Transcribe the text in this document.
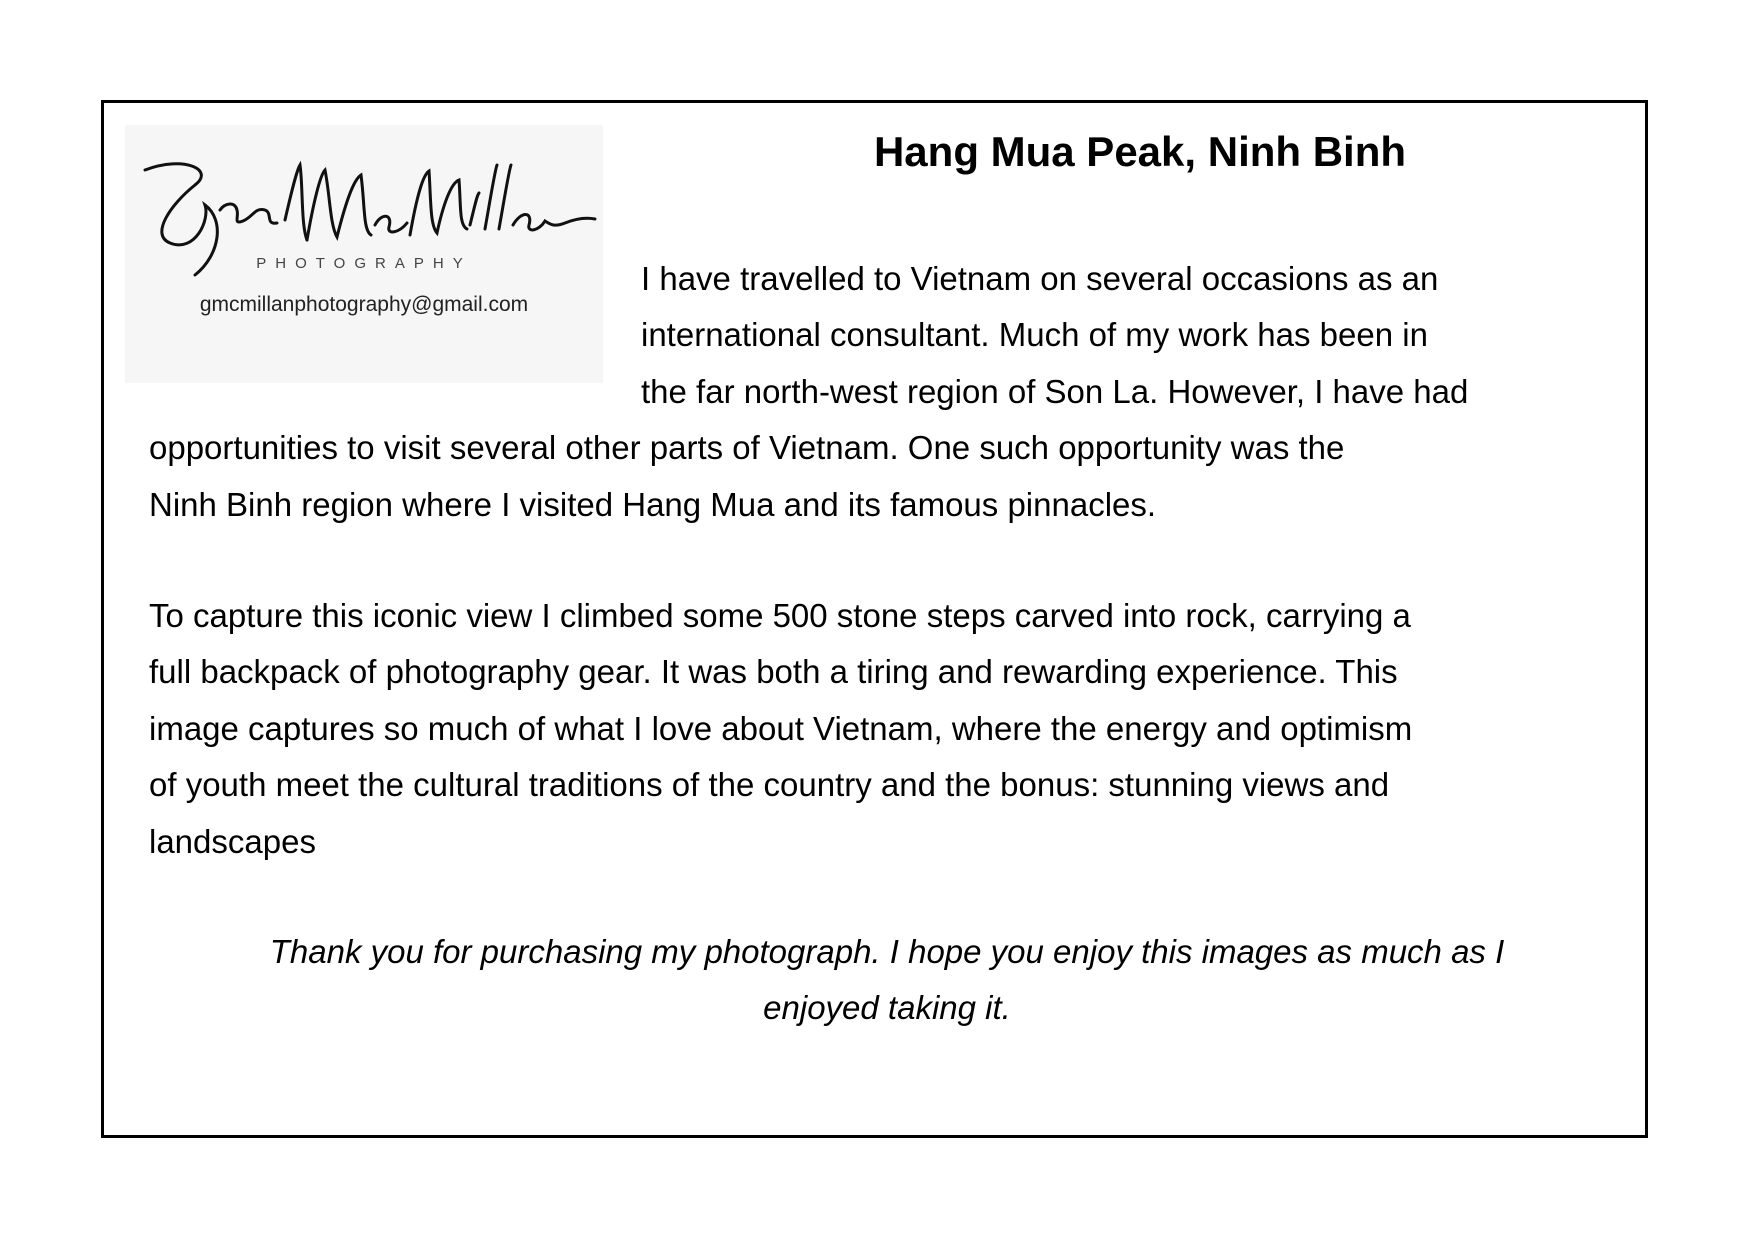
PHOTOGRAPHY
gmcmillanphotography@gmail.com
Hang Mua Peak, Ninh Binh
I have travelled to Vietnam on several occasions as an
international consultant. Much of my work has been in
the far north-west region of Son La. However, I have had
opportunities to visit several other parts of Vietnam. One such opportunity was the
Ninh Binh region where I visited Hang Mua and its famous pinnacles.
To capture this iconic view I climbed some 500 stone steps carved into rock, carrying a
full backpack of photography gear. It was both a tiring and rewarding experience. This
image captures so much of what I love about Vietnam, where the energy and optimism
of youth meet the cultural traditions of the country and the bonus: stunning views and
landscapes
Thank you for purchasing my photograph. I hope you enjoy this images as much as I
enjoyed taking it.
